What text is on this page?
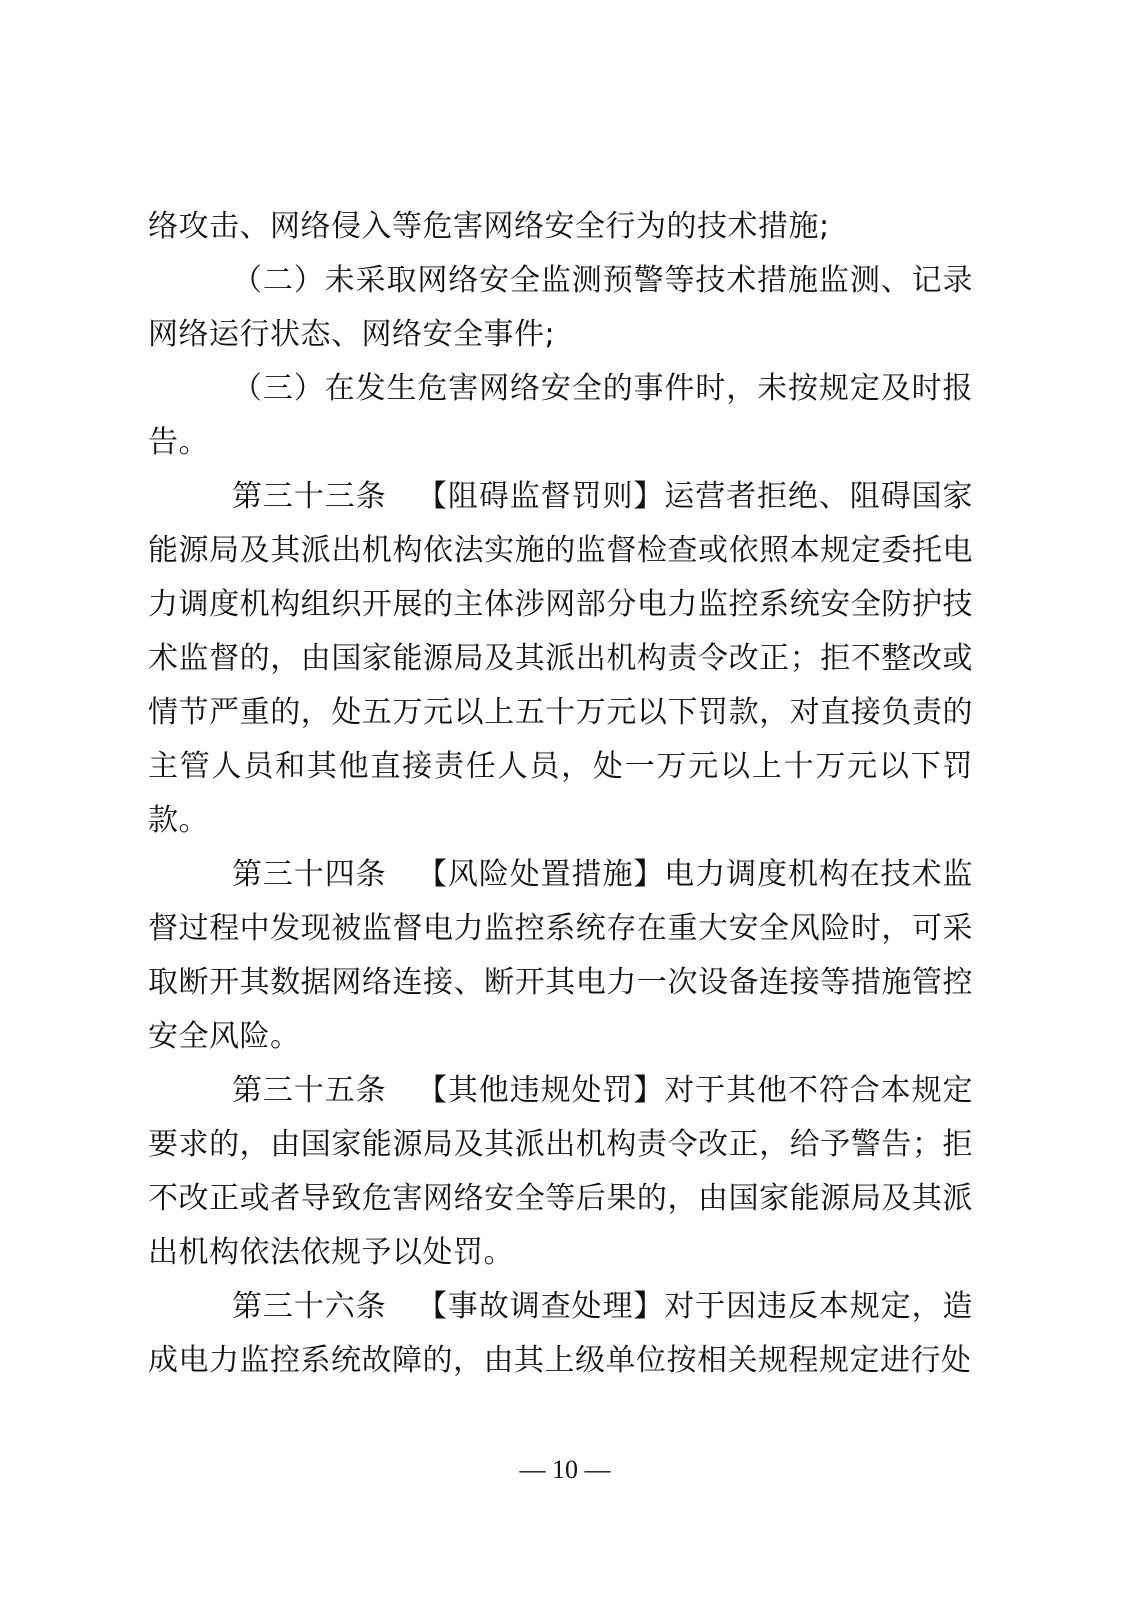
络攻击、网络侵入等危害网络安全行为的技术措施;

（二）未采取网络安全监测预警等技术措施监测、记录网络运行状态、网络安全事件;

（三）在发生危害网络安全的事件时，未按规定及时报告。

第三十三条 【阻碍监督罚则】运营者拒绝、阻碍国家能源局及其派出机构依法实施的监督检查或依照本规定委托电力调度机构组织开展的主体涉网部分电力监控系统安全防护技术监督的，由国家能源局及其派出机构责令改正；拒不整改或情节严重的，处五万元以上五十万元以下罚款，对直接负责的主管人员和其他直接责任人员，处一万元以上十万元以下罚款。

第三十四条 【风险处置措施】电力调度机构在技术监督过程中发现被监督电力监控系统存在重大安全风险时，可采取断开其数据网络连接、断开其电力一次设备连接等措施管控安全风险。

第三十五条 【其他违规处罚】对于其他不符合本规定要求的，由国家能源局及其派出机构责令改正，给予警告；拒不改正或者导致危害网络安全等后果的，由国家能源局及其派出机构依法依规予以处罚。

第三十六条 【事故调查处理】对于因违反本规定，造成电力监控系统故障的，由其上级单位按相关规程规定进行处

— 10 —
